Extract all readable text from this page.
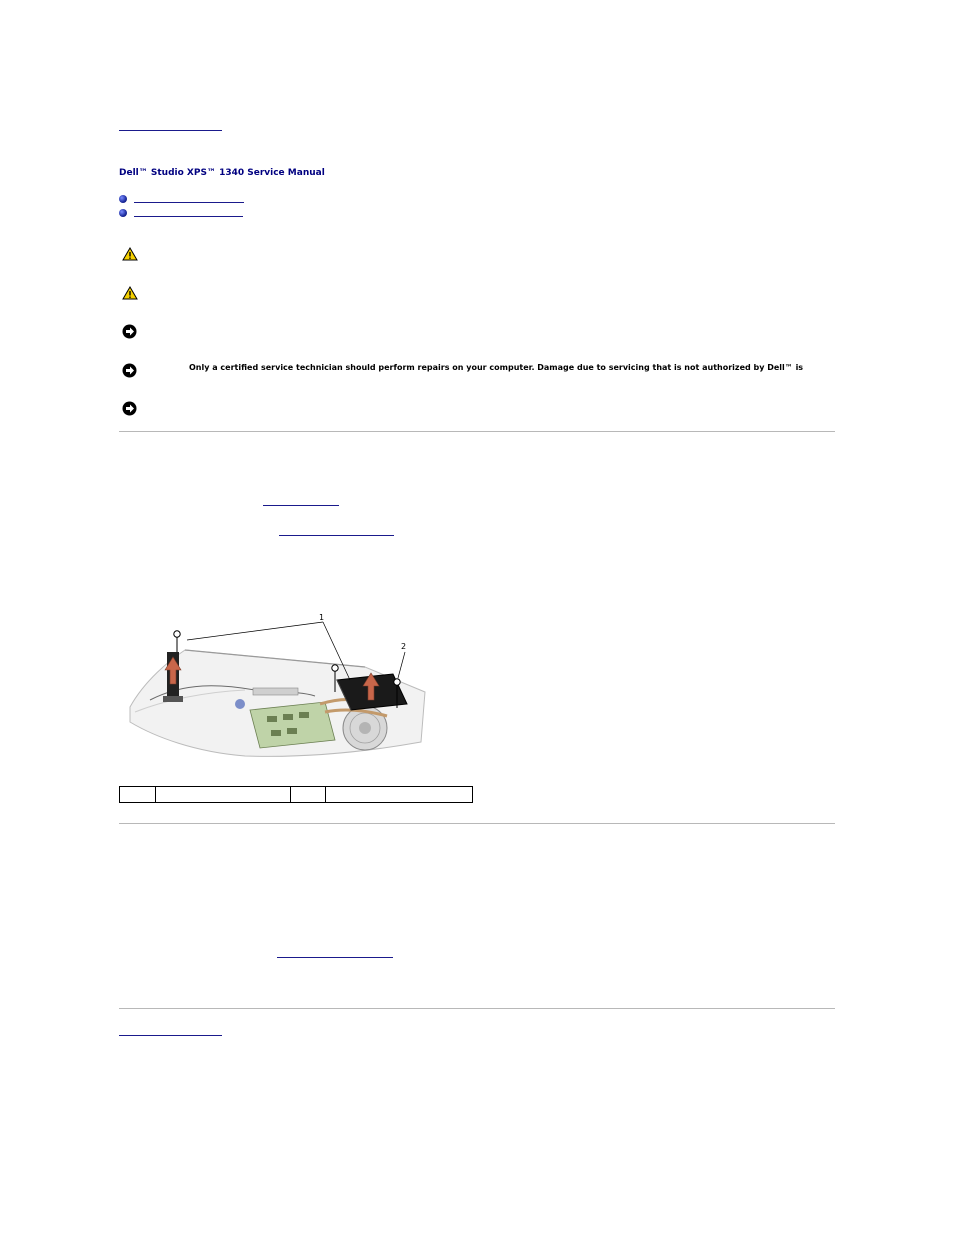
Dell™ Studio XPS™ 1340 Service Manual
Only a certified service technician should perform repairs on your computer. Damage due to servicing that is not authorized by Dell™ is
1
2
